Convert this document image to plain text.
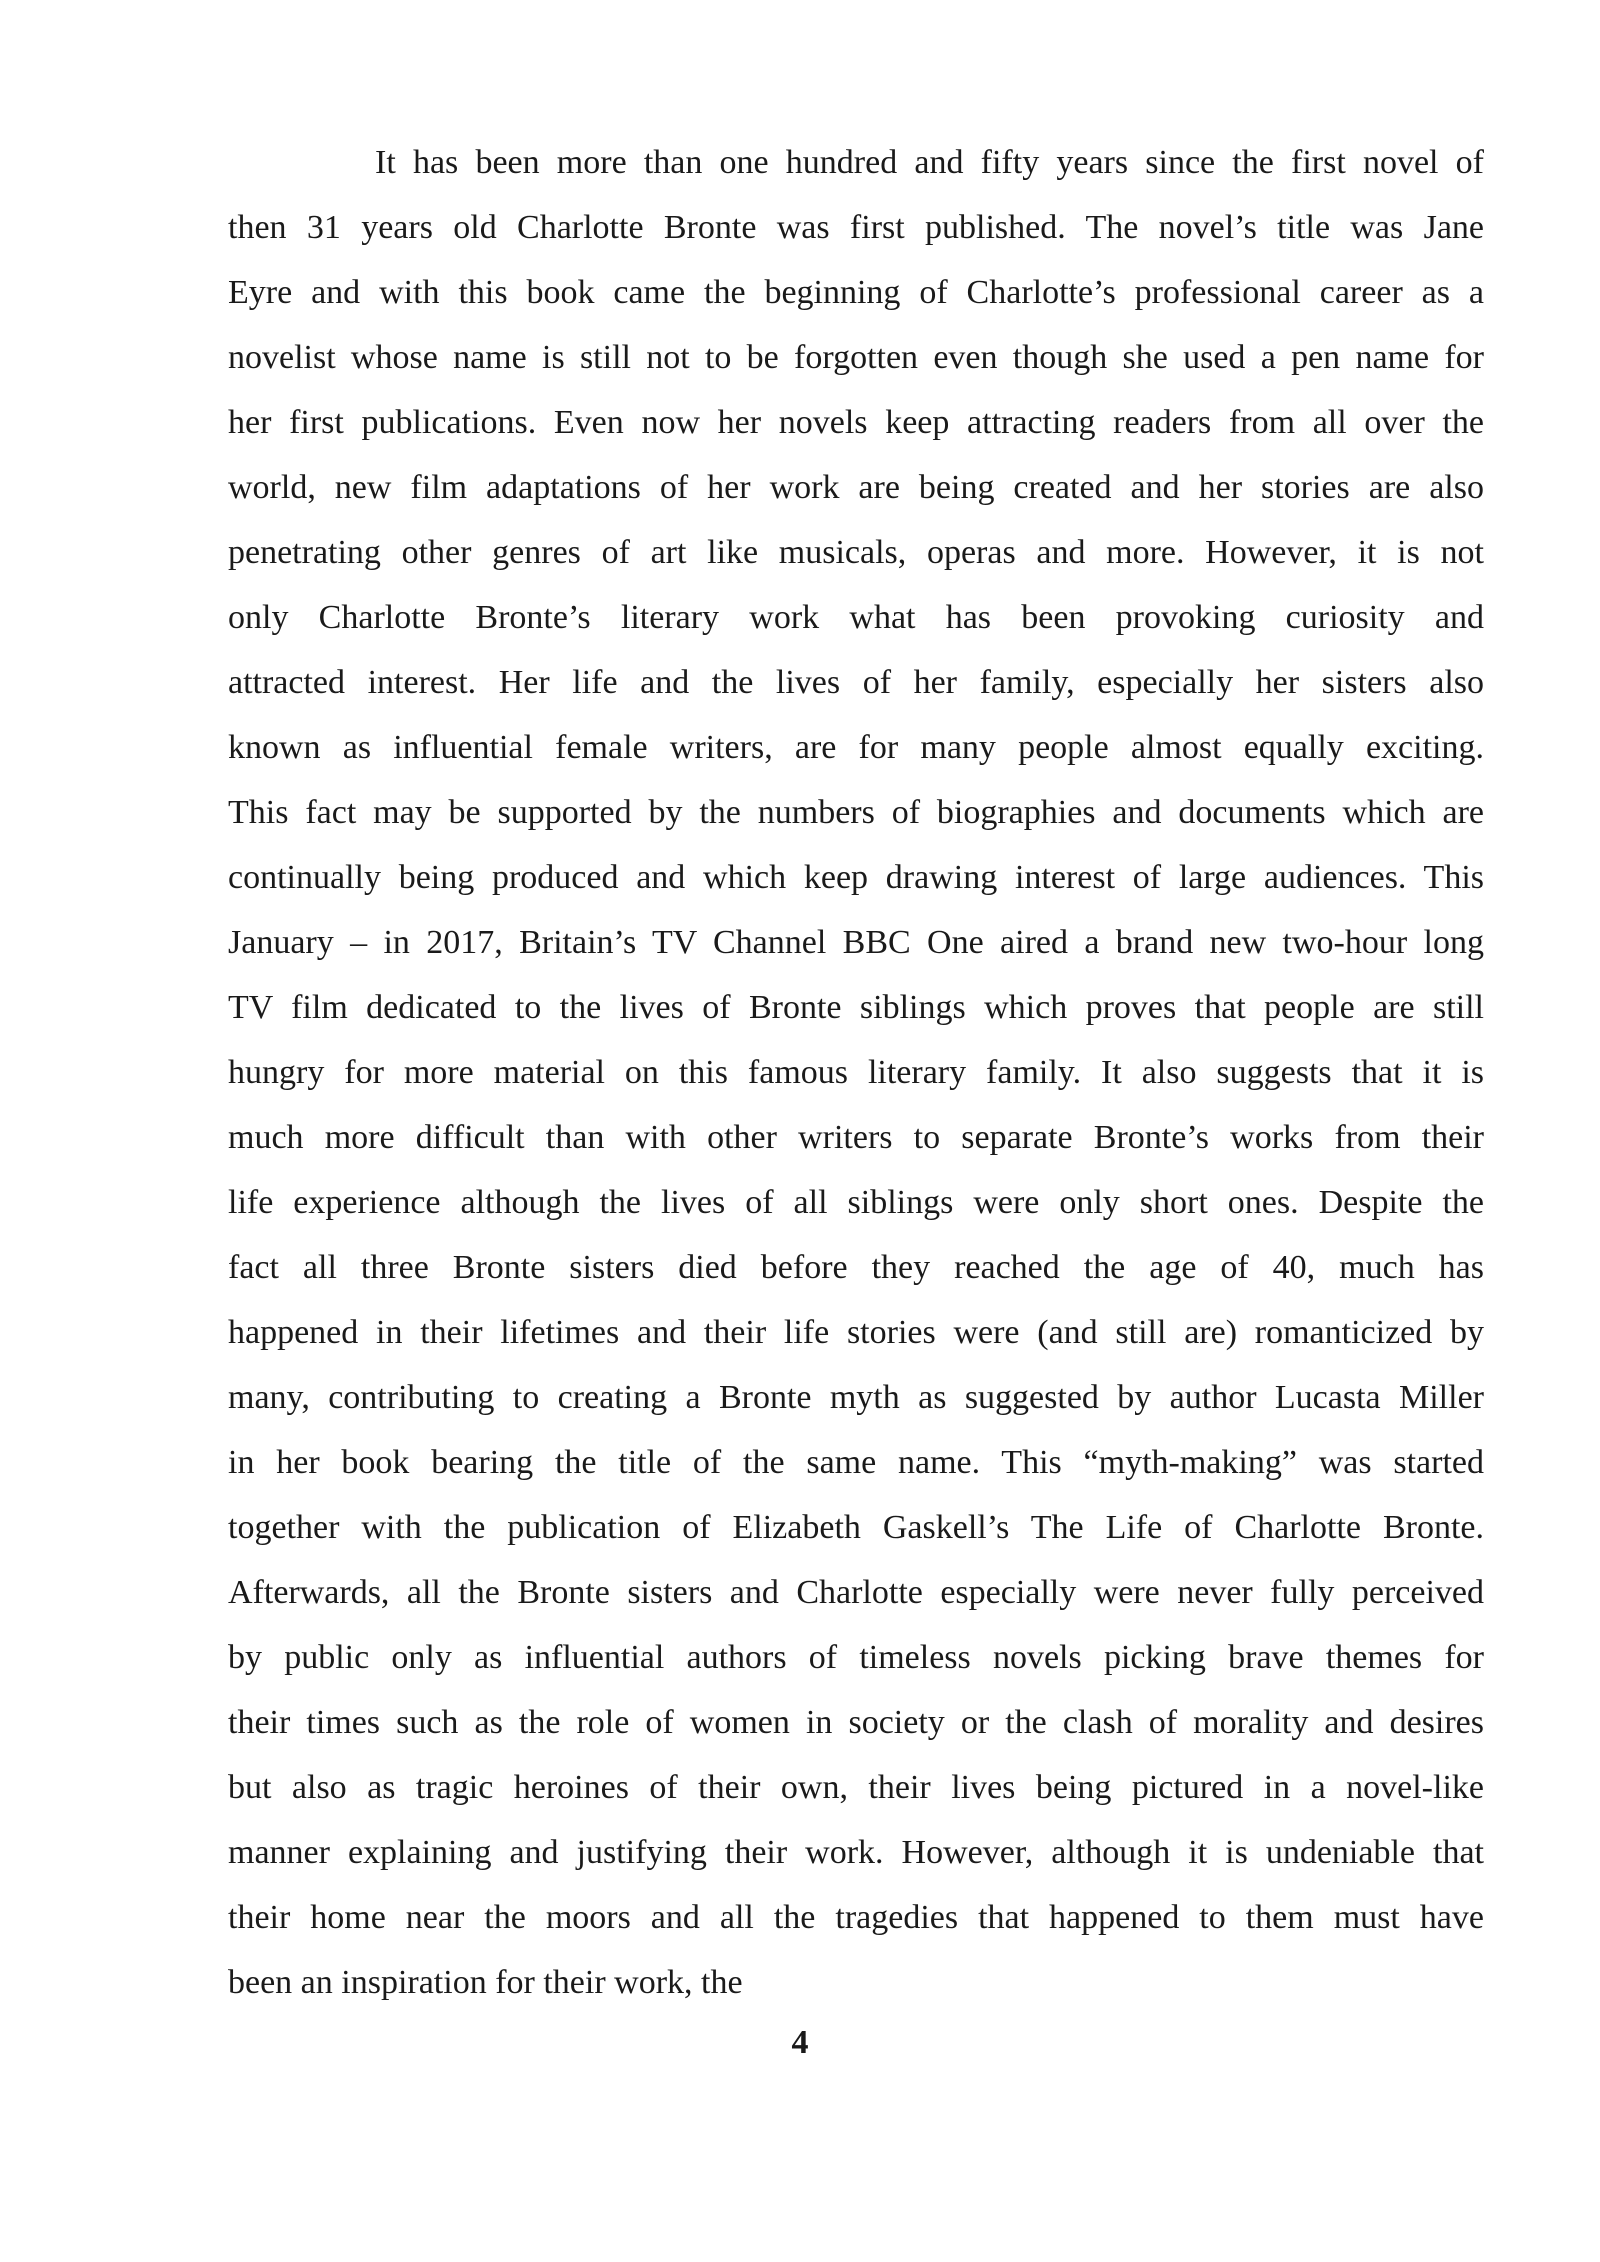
It has been more than one hundred and fifty years since the first novel of
then 31 years old Charlotte Bronte was first published. The novel’s title was Jane
Eyre and with this book came the beginning of Charlotte’s professional career as a
novelist whose name is still not to be forgotten even though she used a pen name for
her first publications. Even now her novels keep attracting readers from all over the
world, new film adaptations of her work are being created and her stories are also
penetrating other genres of art like musicals, operas and more. However, it is not
only Charlotte Bronte’s literary work what has been provoking curiosity and
attracted interest. Her life and the lives of her family, especially her sisters also
known as influential female writers, are for many people almost equally exciting.
This fact may be supported by the numbers of biographies and documents which are
continually being produced and which keep drawing interest of large audiences. This
January – in 2017, Britain’s TV Channel BBC One aired a brand new two-hour long
TV film dedicated to the lives of Bronte siblings which proves that people are still
hungry for more material on this famous literary family. It also suggests that it is
much more difficult than with other writers to separate Bronte’s works from their
life experience although the lives of all siblings were only short ones. Despite the
fact all three Bronte sisters died before they reached the age of 40, much has
happened in their lifetimes and their life stories were (and still are) romanticized by
many, contributing to creating a Bronte myth as suggested by author Lucasta Miller
in her book bearing the title of the same name. This “myth-making” was started
together with the publication of Elizabeth Gaskell’s The Life of Charlotte Bronte.
Afterwards, all the Bronte sisters and Charlotte especially were never fully perceived
by public only as influential authors of timeless novels picking brave themes for
their times such as the role of women in society or the clash of morality and desires
but also as tragic heroines of their own, their lives being pictured in a novel-like
manner explaining and justifying their work. However, although it is undeniable that
their home near the moors and all the tragedies that happened to them must have
been an inspiration for their work, the
4
